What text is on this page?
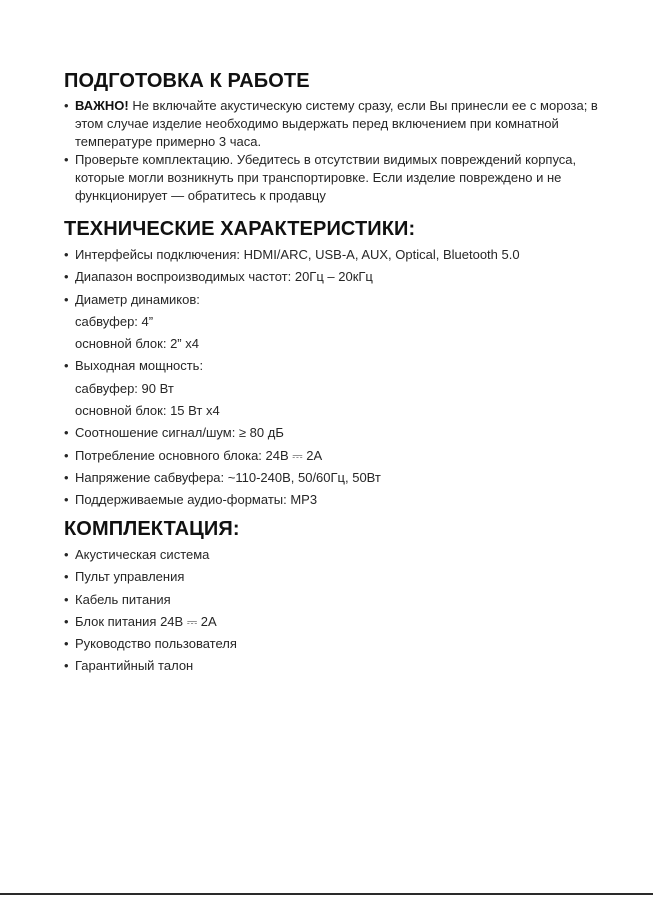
ПОДГОТОВКА К РАБОТЕ
• ВАЖНО! Не включайте акустическую систему сразу, если Вы принесли ее с мороза; в этом случае изделие необходимо выдержать перед включением при комнатной температуре примерно 3 часа.
• Проверьте комплектацию. Убедитесь в отсутствии видимых повреждений корпуса, которые могли возникнуть при транспортировке. Если изделие повреждено и не функционирует — обратитесь к продавцу
ТЕХНИЧЕСКИЕ ХАРАКТЕРИСТИКИ:
• Интерфейсы подключения: HDMI/ARC, USB-A, AUX, Optical, Bluetooth 5.0
• Диапазон воспроизводимых частот: 20Гц – 20кГц
• Диаметр динамиков:
сабвуфер: 4”
основной блок: 2” x4
• Выходная мощность:
сабвуфер: 90 Вт
основной блок: 15 Вт x4
• Соотношение сигнал/шум: ≥ 80 дБ
• Потребление основного блока: 24В ⎓ 2А
• Напряжение сабвуфера: ~110-240В, 50/60Гц, 50Вт
• Поддерживаемые аудио-форматы: MP3
КОМПЛЕКТАЦИЯ:
• Акустическая система
• Пульт управления
• Кабель питания
• Блок питания 24В ⎓ 2А
• Руководство пользователя
• Гарантийный талон
